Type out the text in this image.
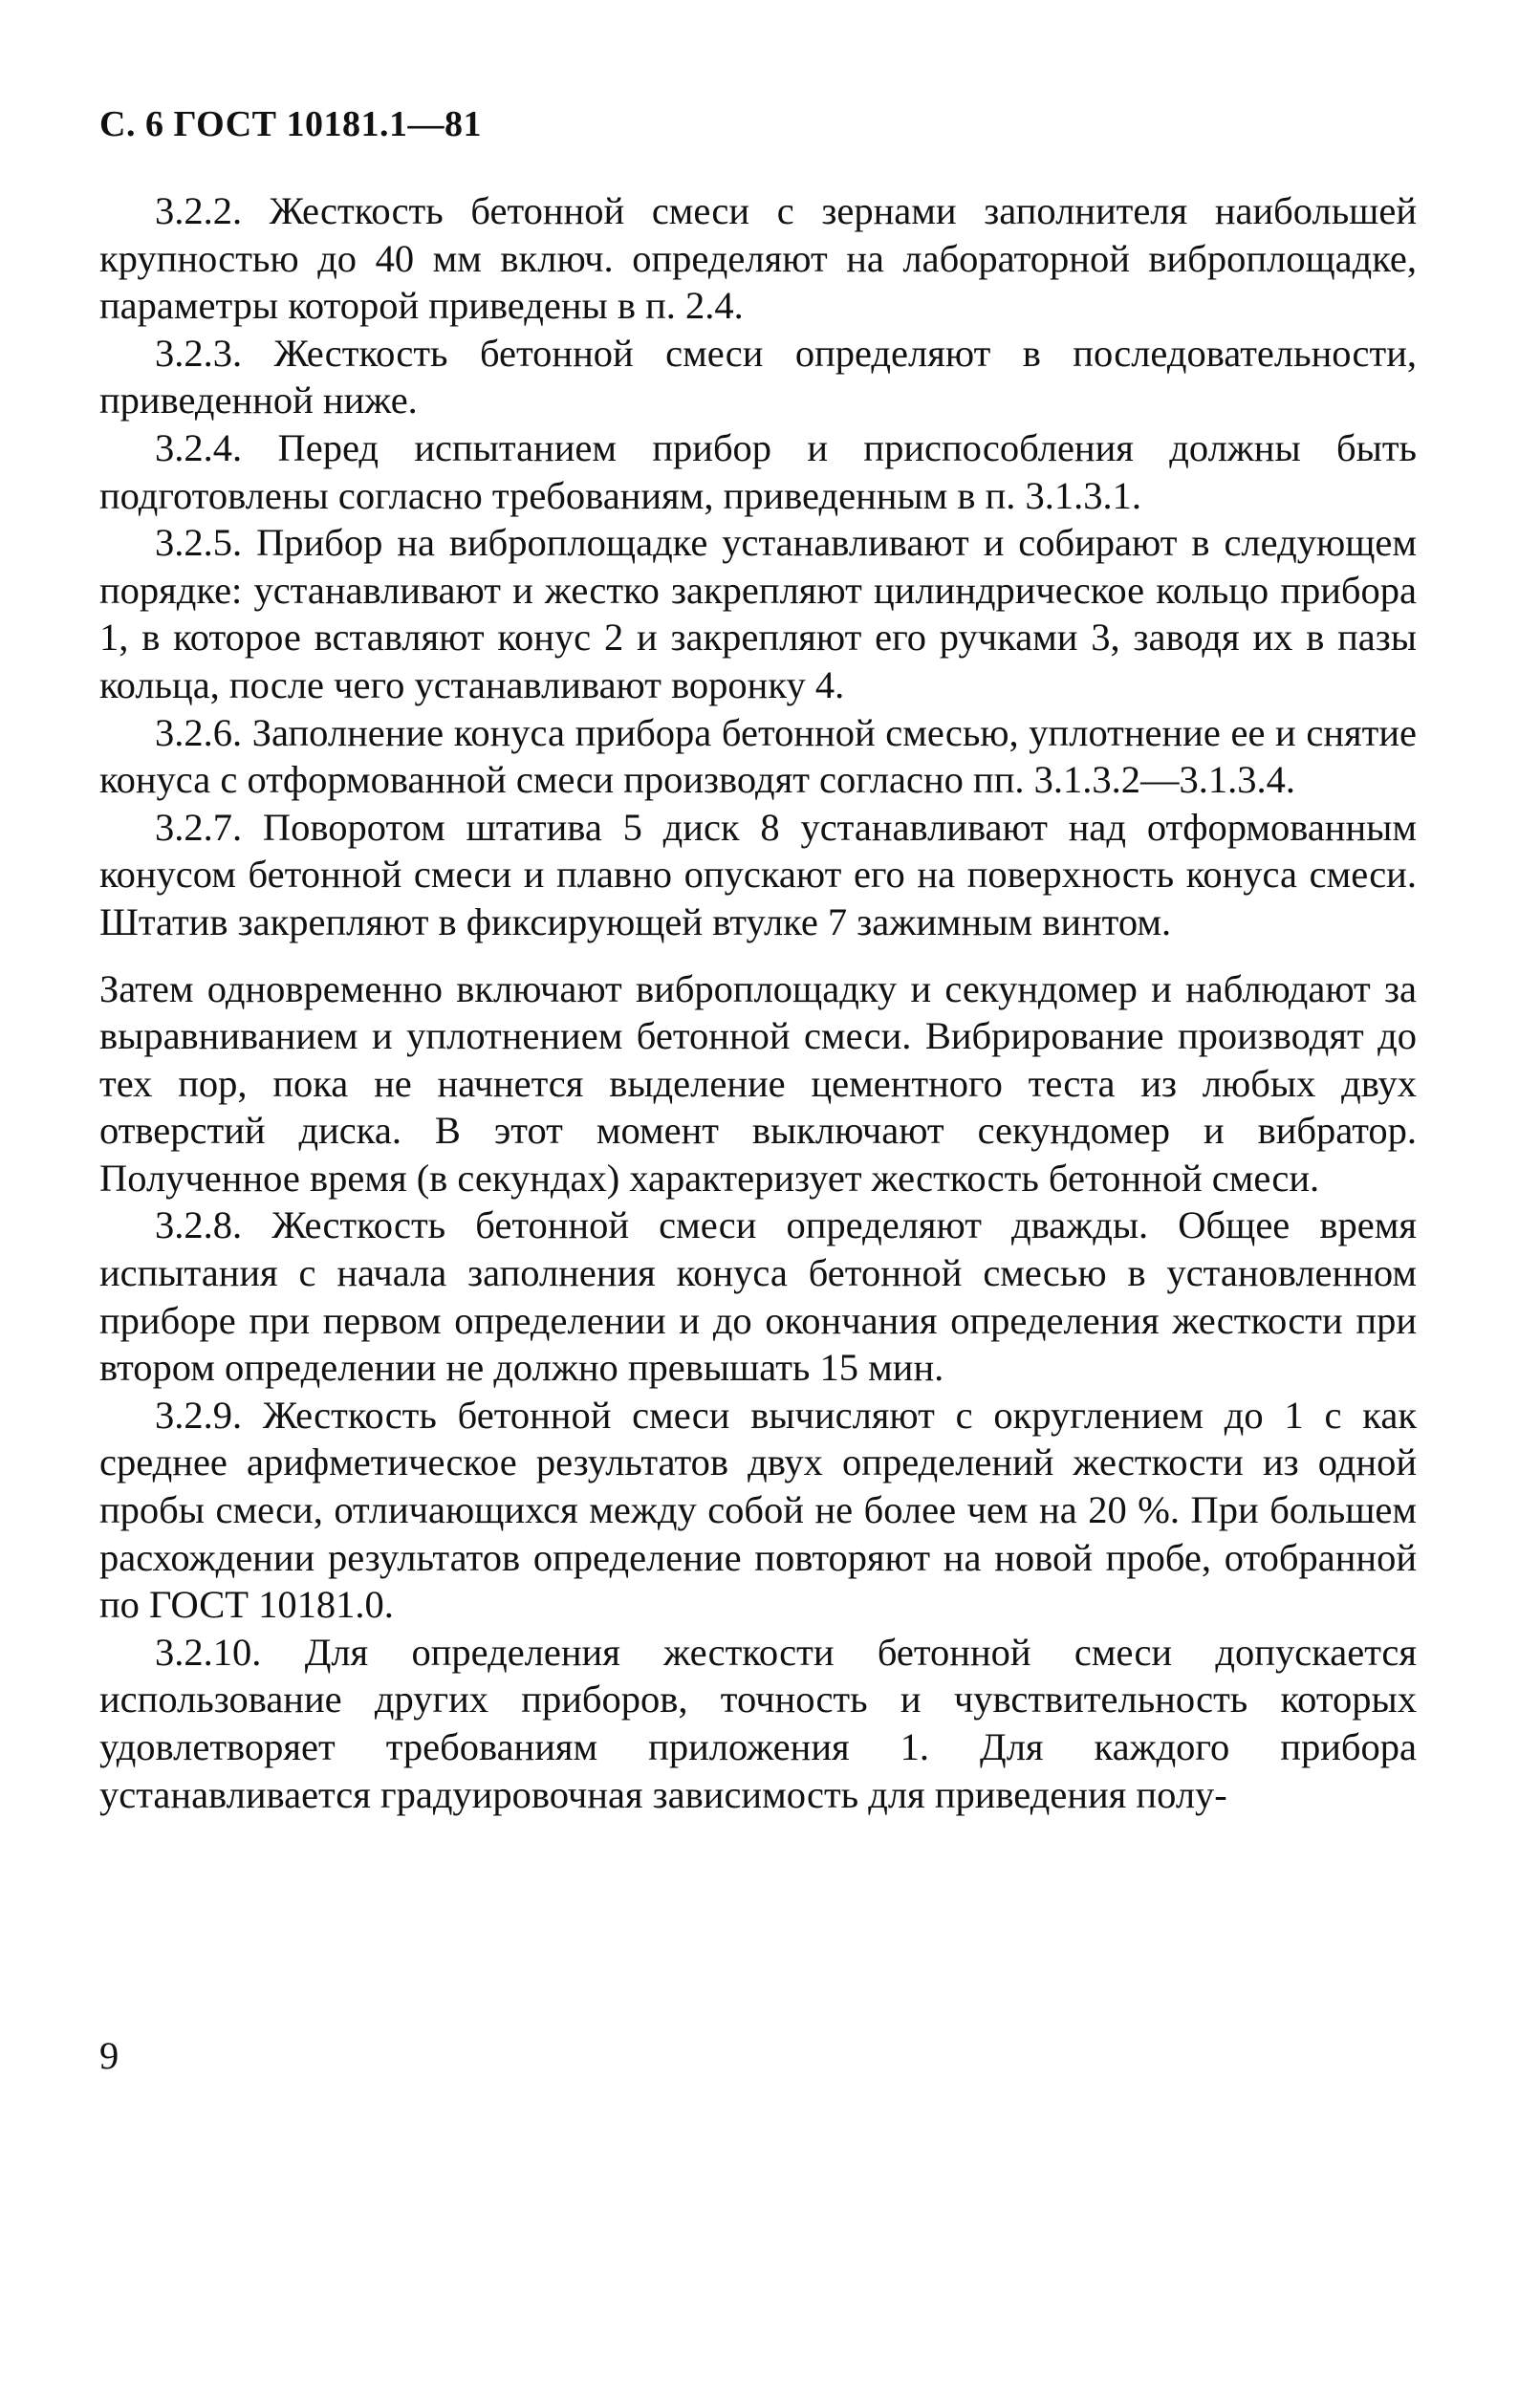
С. 6 ГОСТ 10181.1—81

3.2.2. Жесткость бетонной смеси с зернами заполнителя наибольшей крупностью до 40 мм включ. определяют на лабораторной виброплощадке, параметры которой приведены в п. 2.4.

3.2.3. Жесткость бетонной смеси определяют в последовательности, приведенной ниже.

3.2.4. Перед испытанием прибор и приспособления должны быть подготовлены согласно требованиям, приведенным в п. 3.1.3.1.

3.2.5. Прибор на виброплощадке устанавливают и собирают в следующем порядке: устанавливают и жестко закрепляют цилиндрическое кольцо прибора 1, в которое вставляют конус 2 и закрепляют его ручками 3, заводя их в пазы кольца, после чего устанавливают воронку 4.

3.2.6. Заполнение конуса прибора бетонной смесью, уплотнение ее и снятие конуса с отформованной смеси производят согласно пп. 3.1.3.2—3.1.3.4.

3.2.7. Поворотом штатива 5 диск 8 устанавливают над отформованным конусом бетонной смеси и плавно опускают его на поверхность конуса смеси. Штатив закрепляют в фиксирующей втулке 7 зажимным винтом.

Затем одновременно включают виброплощадку и секундомер и наблюдают за выравниванием и уплотнением бетонной смеси. Вибрирование производят до тех пор, пока не начнется выделение цементного теста из любых двух отверстий диска. В этот момент выключают секундомер и вибратор. Полученное время (в секундах) характеризует жесткость бетонной смеси.

3.2.8. Жесткость бетонной смеси определяют дважды. Общее время испытания с начала заполнения конуса бетонной смесью в установленном приборе при первом определении и до окончания определения жесткости при втором определении не должно превышать 15 мин.

3.2.9. Жесткость бетонной смеси вычисляют с округлением до 1 с как среднее арифметическое результатов двух определений жесткости из одной пробы смеси, отличающихся между собой не более чем на 20 %. При большем расхождении результатов определение повторяют на новой пробе, отобранной по ГОСТ 10181.0.

3.2.10. Для определения жесткости бетонной смеси допускается использование других приборов, точность и чувствительность которых удовлетворяет требованиям приложения 1. Для каждого прибора устанавливается градуировочная зависимость для приведения полу-

9
